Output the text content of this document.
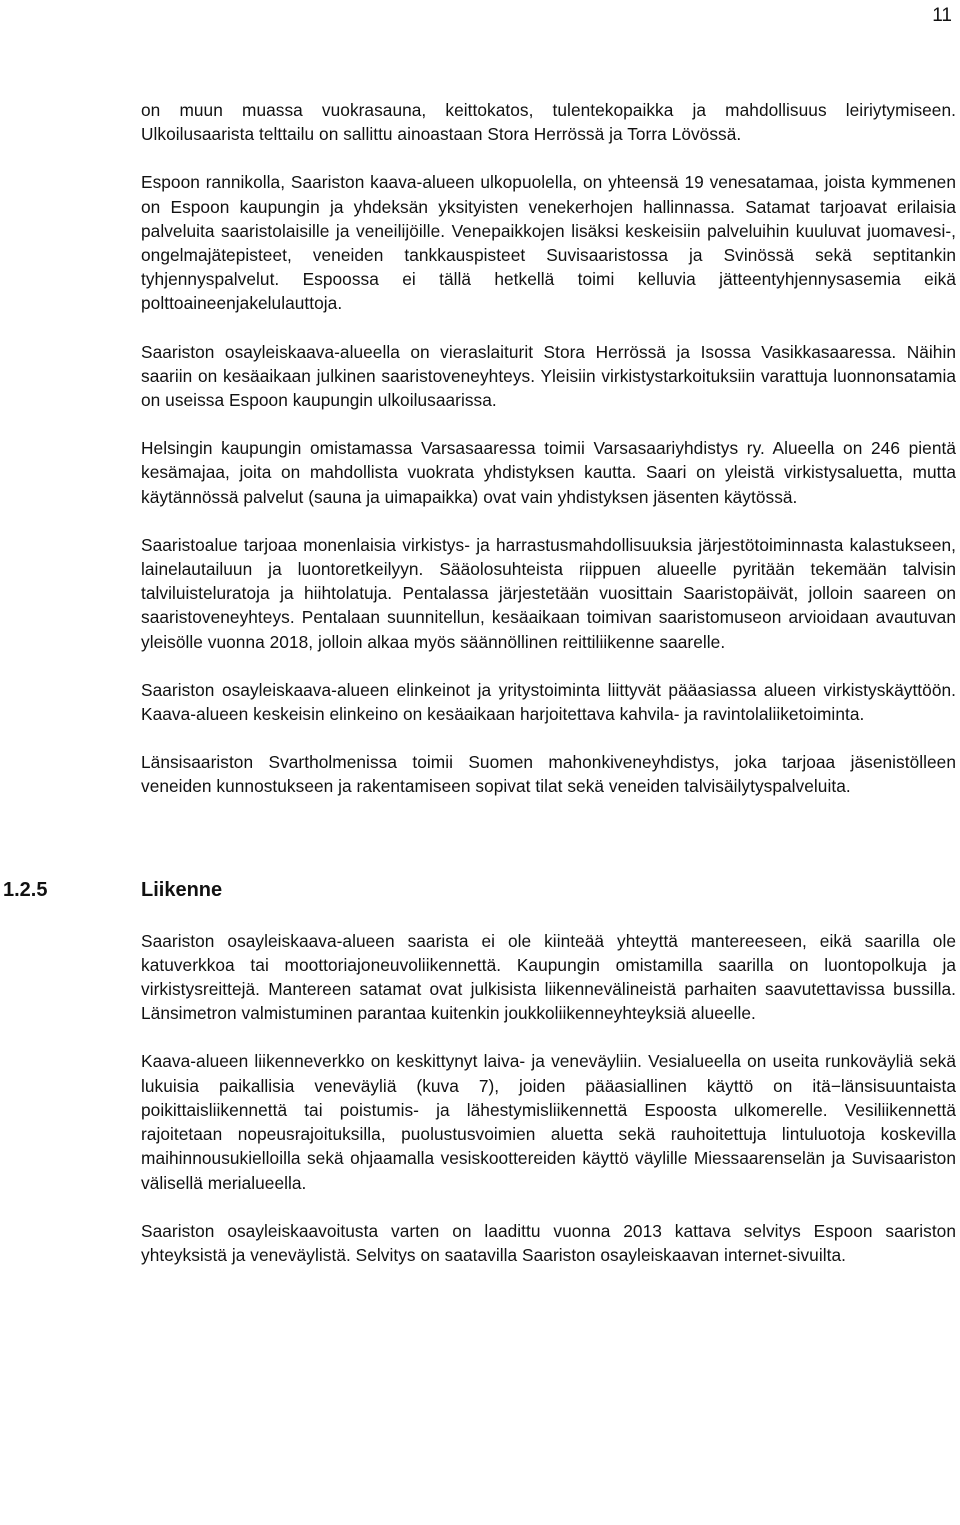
11

on muun muassa vuokrasauna, keittokatos, tulentekopaikka ja mahdollisuus leiriytymiseen. Ulkoilusaarista telttailu on sallittu ainoastaan Stora Herrössä ja Torra Lövössä.

Espoon rannikolla, Saariston kaava-alueen ulkopuolella, on yhteensä 19 venesatamaa, joista kymmenen on Espoon kaupungin ja yhdeksän yksityisten venekerhojen hallinnassa. Satamat tarjoavat erilaisia palveluita saaristolaisille ja veneilijöille. Venepaikkojen lisäksi keskeisiin palveluihin kuuluvat juomavesi-, ongelmajätepisteet, veneiden tankkauspisteet Suvisaaristossa ja Svinössä sekä septitankin tyhjennyspalvelut. Espoossa ei tällä hetkellä toimi kelluvia jätteentyhjennysasemia eikä polttoaineenjakelulauttoja.

Saariston osayleiskaava-alueella on vieraslaiturit Stora Herrössä ja Isossa Vasikkasaaressa. Näihin saariin on kesäaikaan julkinen saaristoveneyhteys. Yleisiin virkistystarkoituksiin varattuja luonnonsatamia on useissa Espoon kaupungin ulkoilusaarissa.

Helsingin kaupungin omistamassa Varsasaaressa toimii Varsasaariyhdistys ry. Alueella on 246 pientä kesämajaa, joita on mahdollista vuokrata yhdistyksen kautta. Saari on yleistä virkistysaluetta, mutta käytännössä palvelut (sauna ja uimapaikka) ovat vain yhdistyksen jäsenten käytössä.

Saaristoalue tarjoaa monenlaisia virkistys- ja harrastusmahdollisuuksia järjestötoiminnasta kalastukseen, lainelautailuun ja luontoretkeilyyn. Sääolosuhteista riippuen alueelle pyritään tekemään talvisin talviluisteluratoja ja hiihtolatuja. Pentalassa järjestetään vuosittain Saaristopäivät, jolloin saareen on saaristoveneyhteys. Pentalaan suunnitellun, kesäaikaan toimivan saaristomuseon arvioidaan avautuvan yleisölle vuonna 2018, jolloin alkaa myös säännöllinen reittiliikenne saarelle.

Saariston osayleiskaava-alueen elinkeinot ja yritystoiminta liittyvät pääasiassa alueen virkistyskäyttöön. Kaava-alueen keskeisin elinkeino on kesäaikaan harjoitettava kahvila- ja ravintolaliiketoiminta.

Länsisaariston Svartholmenissa toimii Suomen mahonkiveneyhdistys, joka tarjoaa jäsenistölleen veneiden kunnostukseen ja rakentamiseen sopivat tilat sekä veneiden talvisäilytyspalveluita.

1.2.5	Liikenne

Saariston osayleiskaava-alueen saarista ei ole kiinteää yhteyttä mantereeseen, eikä saarilla ole katuverkkoa tai moottoriajoneuvoliikennettä. Kaupungin omistamilla saarilla on luontopolkuja ja virkistysreittejä. Mantereen satamat ovat julkisista liikennevälineistä parhaiten saavutettavissa bussilla. Länsimetron valmistuminen parantaa kuitenkin joukkoliikenneyhteyksiä alueelle.

Kaava-alueen liikenneverkko on keskittynyt laiva- ja veneväyliin. Vesialueella on useita runkoväyliä sekä lukuisia paikallisia veneväyliä (kuva 7), joiden pääasiallinen käyttö on itä−länsisuuntaista poikittaisliikennettä tai poistumis- ja lähestymisliikennettä Espoosta ulkomerelle. Vesiliikennettä rajoitetaan nopeusrajoituksilla, puolustusvoimien aluetta sekä rauhoitettuja lintuluotoja koskevilla maihinnousukielloilla sekä ohjaamalla vesiskootterеiden käyttö väylille Miessaarenselän ja Suvisaariston välisellä merialueella.

Saariston osayleiskaavoitusta varten on laadittu vuonna 2013 kattava selvitys Espoon saariston yhteyksistä ja veneväylistä. Selvitys on saatavilla Saariston osayleiskaavan internet-sivuilta.
